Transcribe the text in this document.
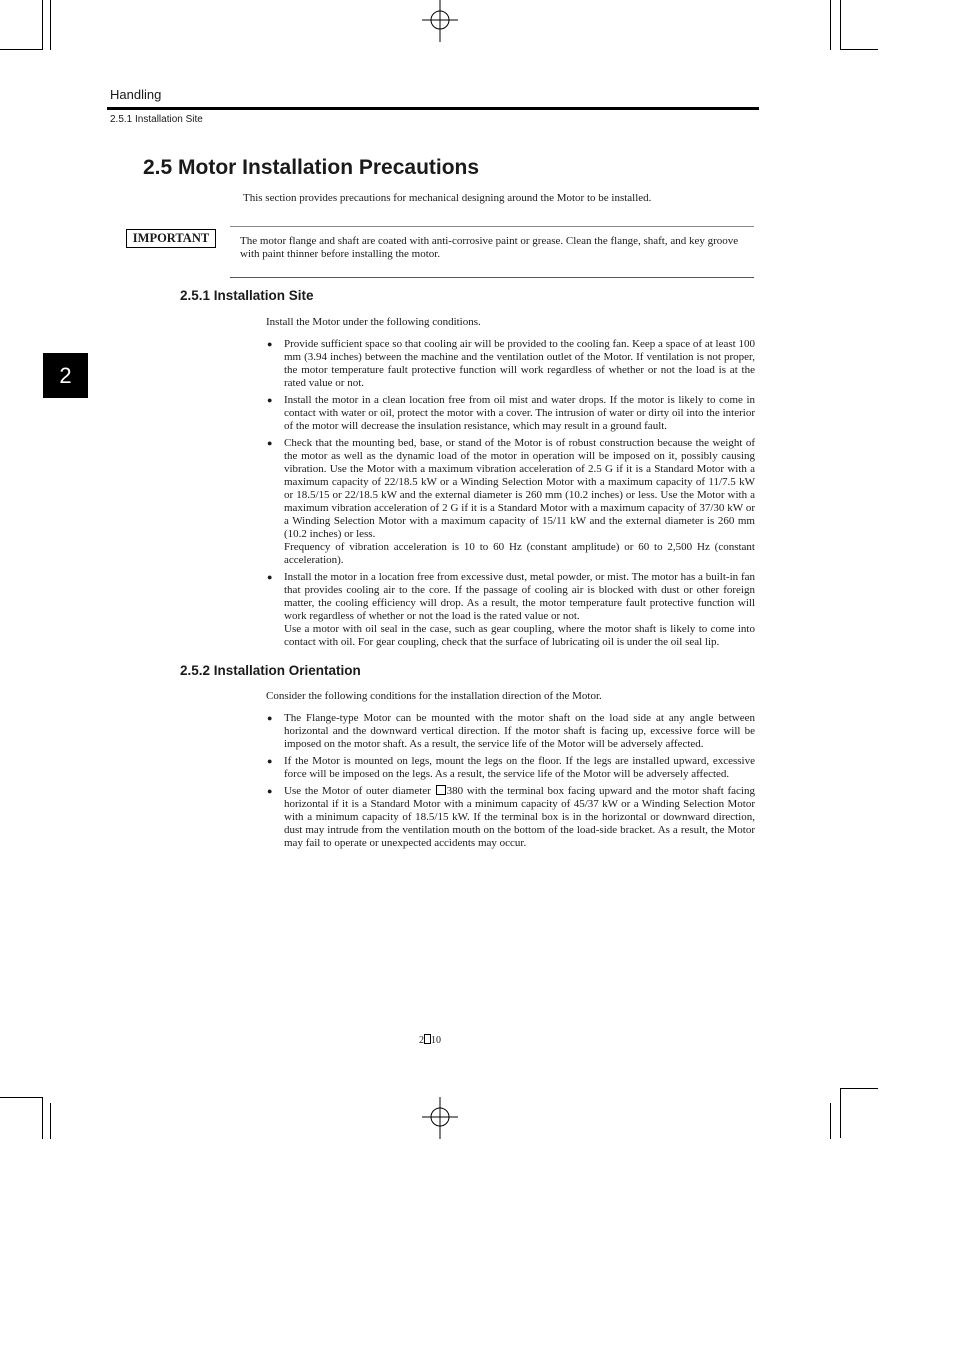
Handling
2.5.1 Installation Site
2
2.5 Motor Installation Precautions
This section provides precautions for mechanical designing around the Motor to be installed.
IMPORTANT	The motor flange and shaft are coated with anti-corrosive paint or grease. Clean the flange, shaft, and key groove with paint thinner before installing the motor.
2.5.1 Installation Site
Install the Motor under the following conditions.
● Provide sufficient space so that cooling air will be provided to the cooling fan. Keep a space of at least 100 mm (3.94 inches) between the machine and the ventilation outlet of the Motor. If ventilation is not proper, the motor temperature fault protective function will work regardless of whether or not the load is at the rated value or not.
● Install the motor in a clean location free from oil mist and water drops. If the motor is likely to come in contact with water or oil, protect the motor with a cover. The intrusion of water or dirty oil into the interior of the motor will decrease the insulation resistance, which may result in a ground fault.
● Check that the mounting bed, base, or stand of the Motor is of robust construction because the weight of the motor as well as the dynamic load of the motor in operation will be imposed on it, possibly causing vibration. Use the Motor with a maximum vibration acceleration of 2.5 G if it is a Standard Motor with a maximum capacity of 22/18.5 kW or a Winding Selection Motor with a maximum capacity of 11/7.5 kW or 18.5/15 or 22/18.5 kW and the external diameter is 260 mm (10.2 inches) or less. Use the Motor with a maximum vibration acceleration of 2 G if it is a Standard Motor with a maximum capacity of 37/30 kW or a Winding Selection Motor with a maximum capacity of 15/11 kW and the external diameter is 260 mm (10.2 inches) or less.
Frequency of vibration acceleration is 10 to 60 Hz (constant amplitude) or 60 to 2,500 Hz (constant acceleration).
● Install the motor in a location free from excessive dust, metal powder, or mist. The motor has a built-in fan that provides cooling air to the core. If the passage of cooling air is blocked with dust or other foreign matter, the cooling efficiency will drop. As a result, the motor temperature fault protective function will work regardless of whether or not the load is the rated value or not.
Use a motor with oil seal in the case, such as gear coupling, where the motor shaft is likely to come into contact with oil. For gear coupling, check that the surface of lubricating oil is under the oil seal lip.
2.5.2 Installation Orientation
Consider the following conditions for the installation direction of the Motor.
● The Flange-type Motor can be mounted with the motor shaft on the load side at any angle between horizontal and the downward vertical direction. If the motor shaft is facing up, excessive force will be imposed on the motor shaft. As a result, the service life of the Motor will be adversely affected.
● If the Motor is mounted on legs, mount the legs on the floor. If the legs are installed upward, excessive force will be imposed on the legs. As a result, the service life of the Motor will be adversely affected.
● Use the Motor of outer diameter 380 with the terminal box facing upward and the motor shaft facing horizontal if it is a Standard Motor with a minimum capacity of 45/37 kW or a Winding Selection Motor with a minimum capacity of 18.5/15 kW. If the terminal box is in the horizontal or downward direction, dust may intrude from the ventilation mouth on the bottom of the load-side bracket. As a result, the Motor may fail to operate or unexpected accidents may occur.
2 10
